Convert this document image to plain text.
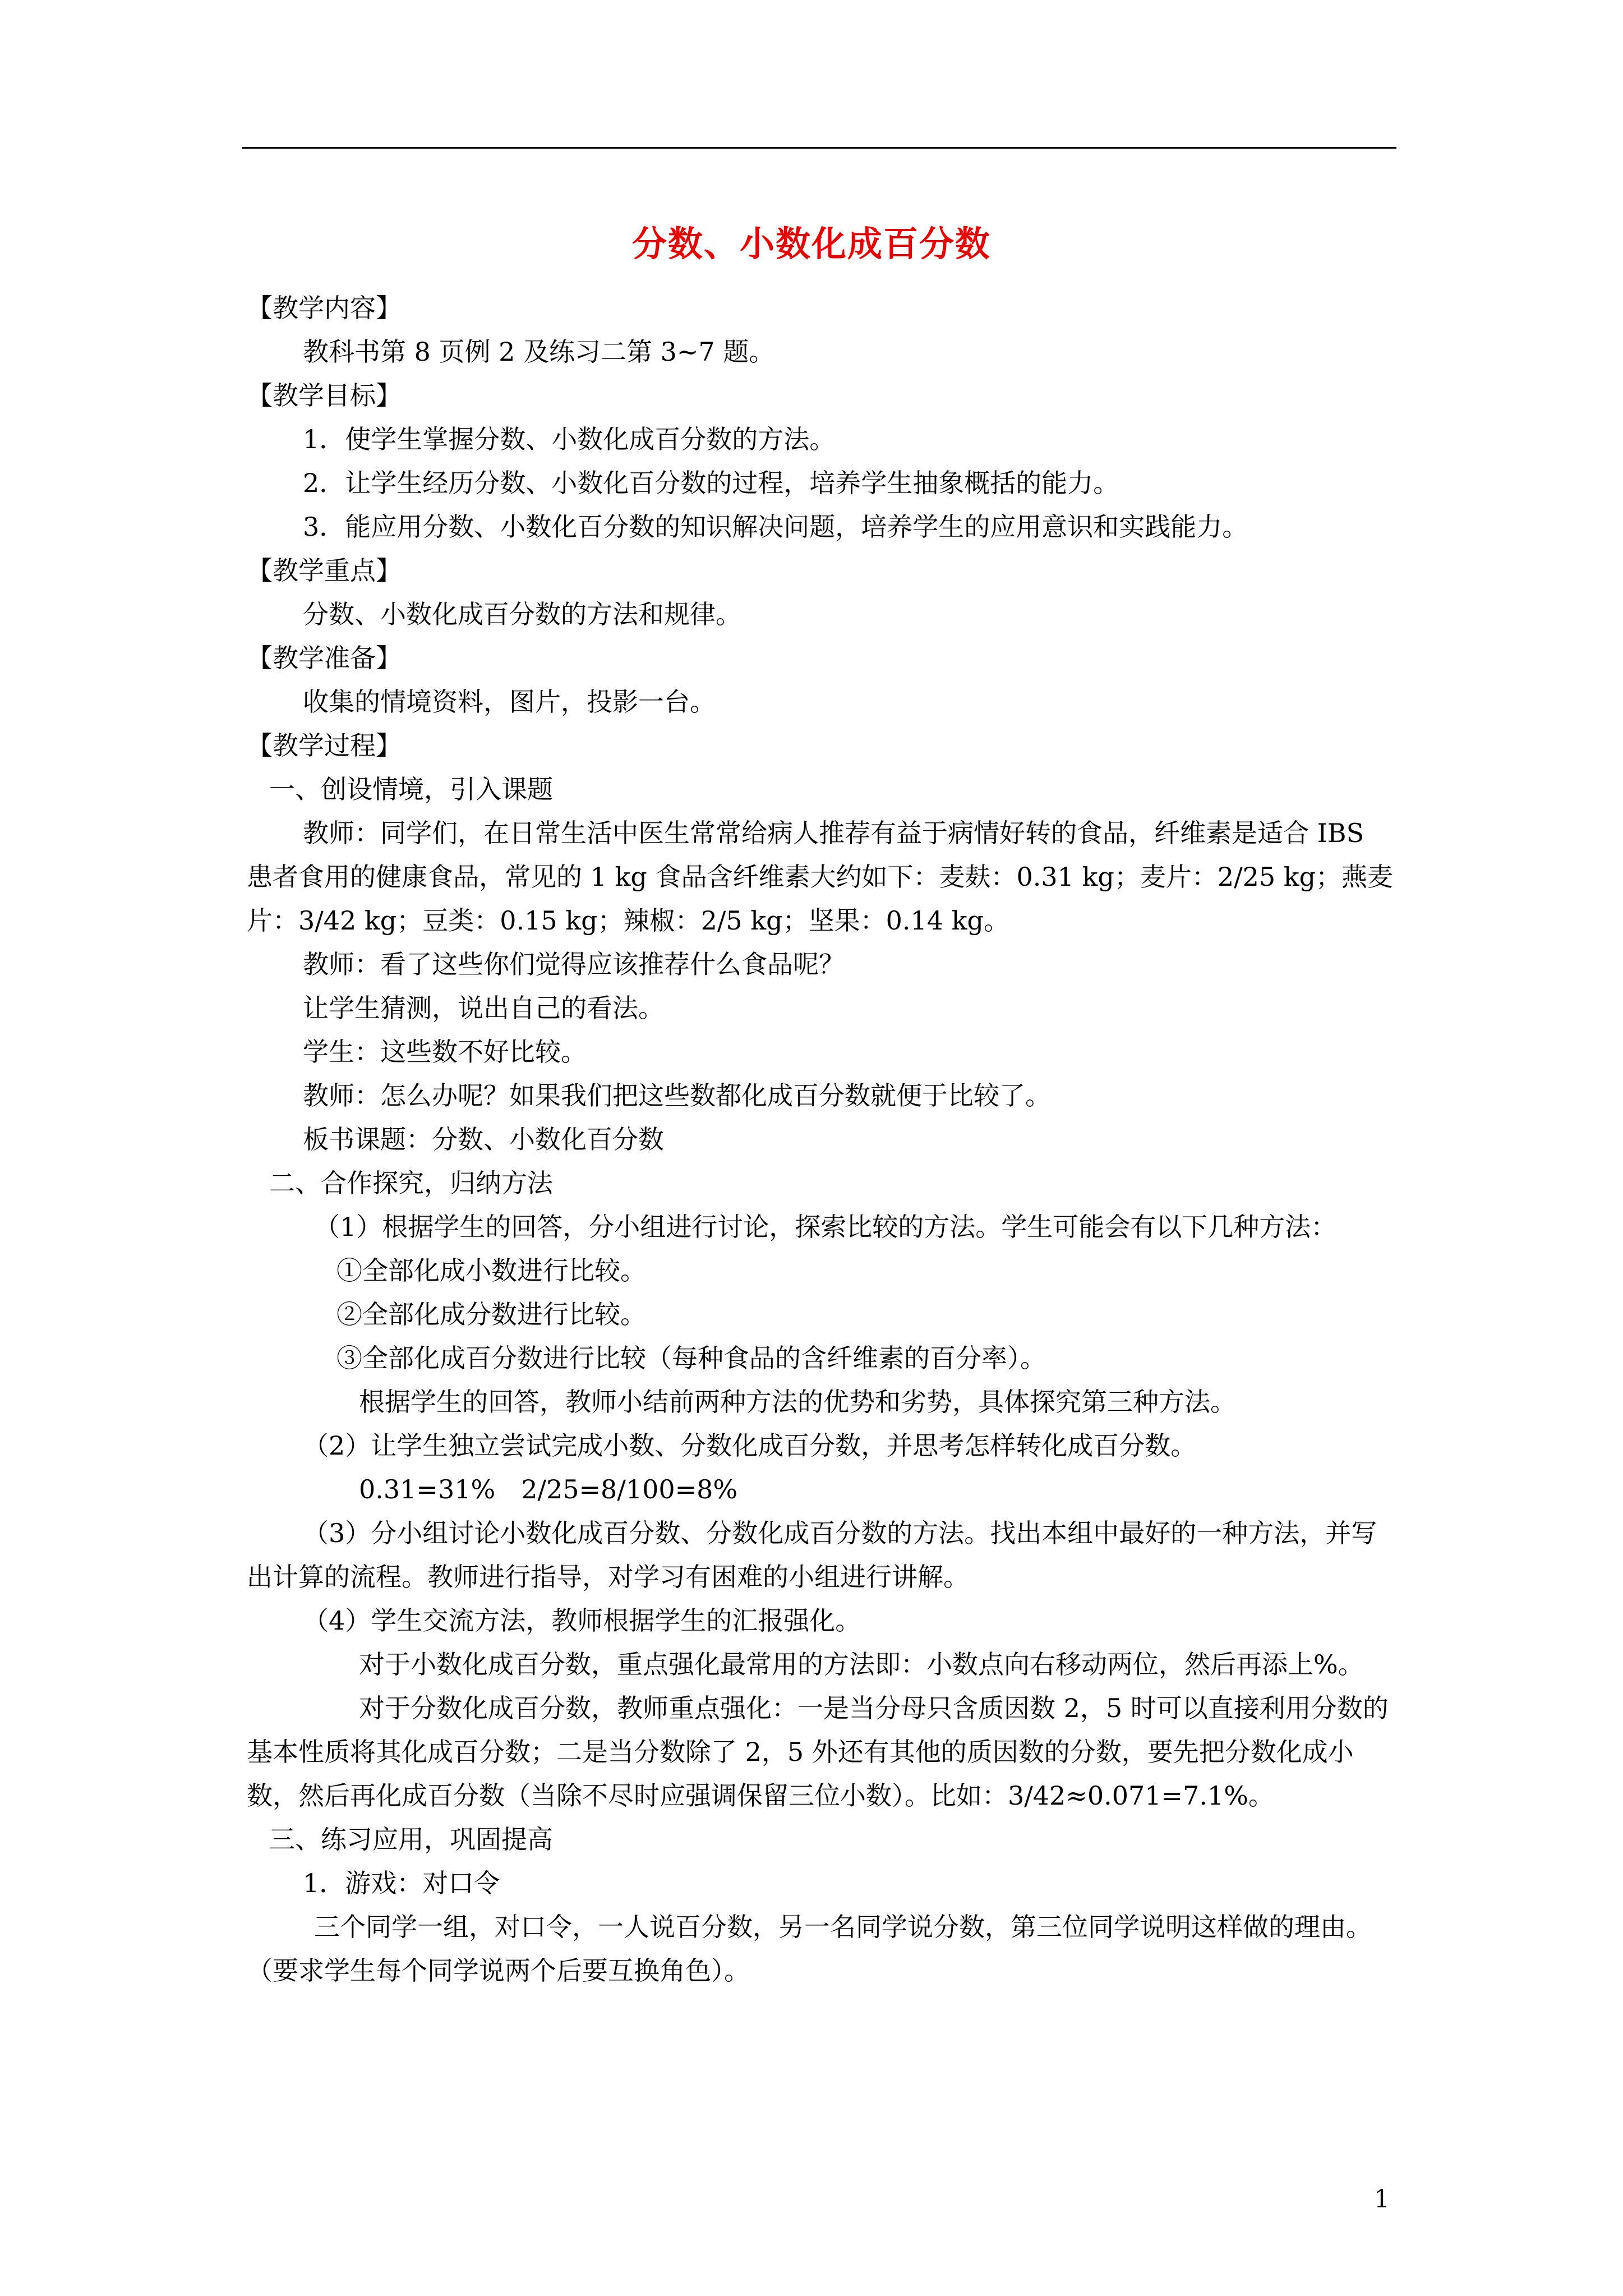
分数、小数化成百分数

【教学内容】

教科书第 8 页例 2 及练习二第 3~7 题。

【教学目标】

1．使学生掌握分数、小数化成百分数的方法。

2．让学生经历分数、小数化百分数的过程，培养学生抽象概括的能力。

3．能应用分数、小数化百分数的知识解决问题，培养学生的应用意识和实践能力。

【教学重点】

分数、小数化成百分数的方法和规律。

【教学准备】

收集的情境资料，图片，投影一台。

【教学过程】

一、创设情境，引入课题

教师：同学们，在日常生活中医生常常给病人推荐有益于病情好转的食品，纤维素是适合 IBS 患者食用的健康食品，常见的 1 kg 食品含纤维素大约如下：麦麸：0.31 kg；麦片：2/25 kg；燕麦片：3/42 kg；豆类：0.15 kg；辣椒：2/5 kg；坚果：0.14 kg。

教师：看了这些你们觉得应该推荐什么食品呢？

让学生猜测，说出自己的看法。

学生：这些数不好比较。

教师：怎么办呢？如果我们把这些数都化成百分数就便于比较了。

板书课题：分数、小数化百分数

二、合作探究，归纳方法

（1）根据学生的回答，分小组进行讨论，探索比较的方法。学生可能会有以下几种方法：

①全部化成小数进行比较。

②全部化成分数进行比较。

③全部化成百分数进行比较（每种食品的含纤维素的百分率）。

根据学生的回答，教师小结前两种方法的优势和劣势，具体探究第三种方法。

（2）让学生独立尝试完成小数、分数化成百分数，并思考怎样转化成百分数。

0.31=31%　2/25=8/100=8%

（3）分小组讨论小数化成百分数、分数化成百分数的方法。找出本组中最好的一种方法，并写出计算的流程。教师进行指导，对学习有困难的小组进行讲解。

（4）学生交流方法，教师根据学生的汇报强化。

对于小数化成百分数，重点强化最常用的方法即：小数点向右移动两位，然后再添上%。

对于分数化成百分数，教师重点强化：一是当分母只含质因数 2，5 时可以直接利用分数的基本性质将其化成百分数；二是当分数除了 2，5 外还有其他的质因数的分数，要先把分数化成小数，然后再化成百分数（当除不尽时应强调保留三位小数）。比如：3/42≈0.071=7.1%。

三、练习应用，巩固提高

1．游戏：对口令

三个同学一组，对口令，一人说百分数，另一名同学说分数，第三位同学说明这样做的理由。（要求学生每个同学说两个后要互换角色）。

1
